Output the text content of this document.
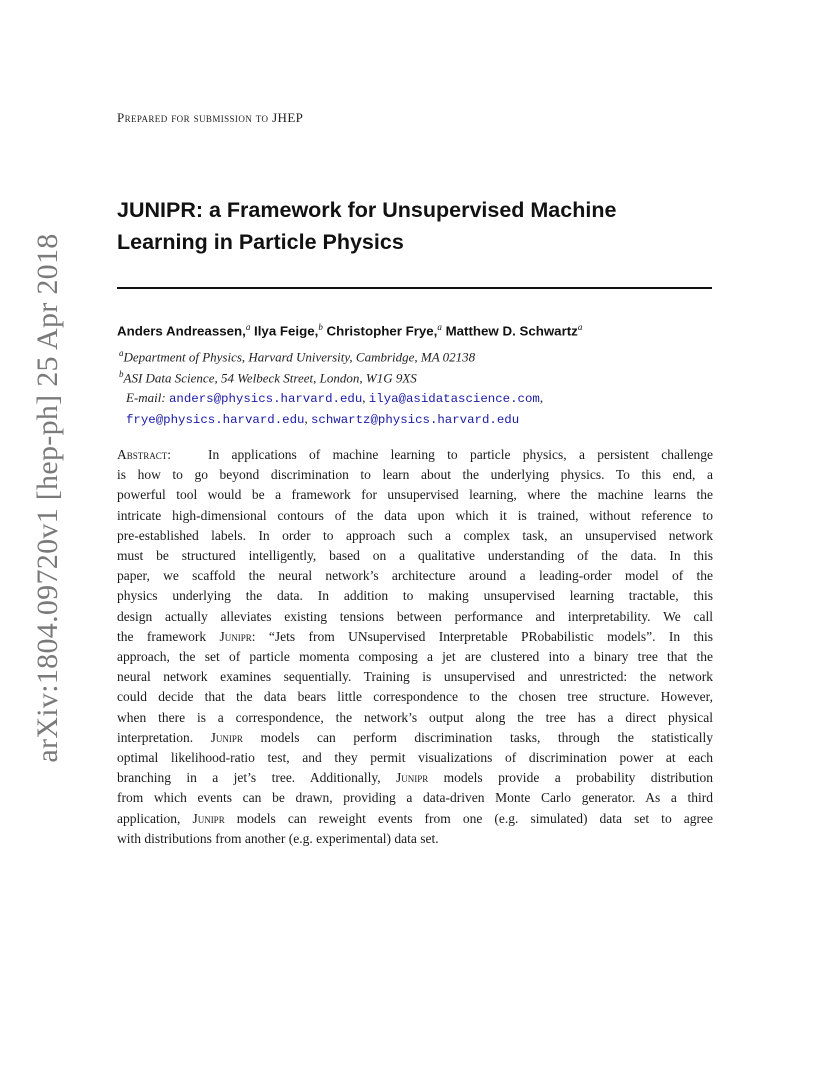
arXiv:1804.09720v1 [hep-ph] 25 Apr 2018
Prepared for submission to JHEP
JUNIPR: a Framework for Unsupervised Machine
Learning in Particle Physics
Anders Andreassen,$^a$ Ilya Feige,$^b$ Christopher Frye,$^a$ Matthew D. Schwartz$^a$
$^a$Department of Physics, Harvard University, Cambridge, MA 02138
$^b$ASI Data Science, 54 Welbeck Street, London, W1G 9XS
E-mail: anders@physics.harvard.edu, ilya@asidatascience.com,
frye@physics.harvard.edu, schwartz@physics.harvard.edu
Abstract:	In applications of machine learning to particle physics, a persistent challenge
is how to go beyond discrimination to learn about the underlying physics. To this end, a
powerful tool would be a framework for unsupervised learning, where the machine learns the
intricate high-dimensional contours of the data upon which it is trained, without reference to
pre-established labels. In order to approach such a complex task, an unsupervised network
must be structured intelligently, based on a qualitative understanding of the data. In this
paper, we scaffold the neural network’s architecture around a leading-order model of the
physics underlying the data. In addition to making unsupervised learning tractable, this
design actually alleviates existing tensions between performance and interpretability. We call
the framework Junipr: “Jets from UNsupervised Interpretable PRobabilistic models”. In this
approach, the set of particle momenta composing a jet are clustered into a binary tree that the
neural network examines sequentially. Training is unsupervised and unrestricted: the network
could decide that the data bears little correspondence to the chosen tree structure. However,
when there is a correspondence, the network’s output along the tree has a direct physical
interpretation. Junipr models can perform discrimination tasks, through the statistically
optimal likelihood-ratio test, and they permit visualizations of discrimination power at each
branching in a jet’s tree. Additionally, Junipr models provide a probability distribution
from which events can be drawn, providing a data-driven Monte Carlo generator. As a third
application, Junipr models can reweight events from one (e.g. simulated) data set to agree
with distributions from another (e.g. experimental) data set.
